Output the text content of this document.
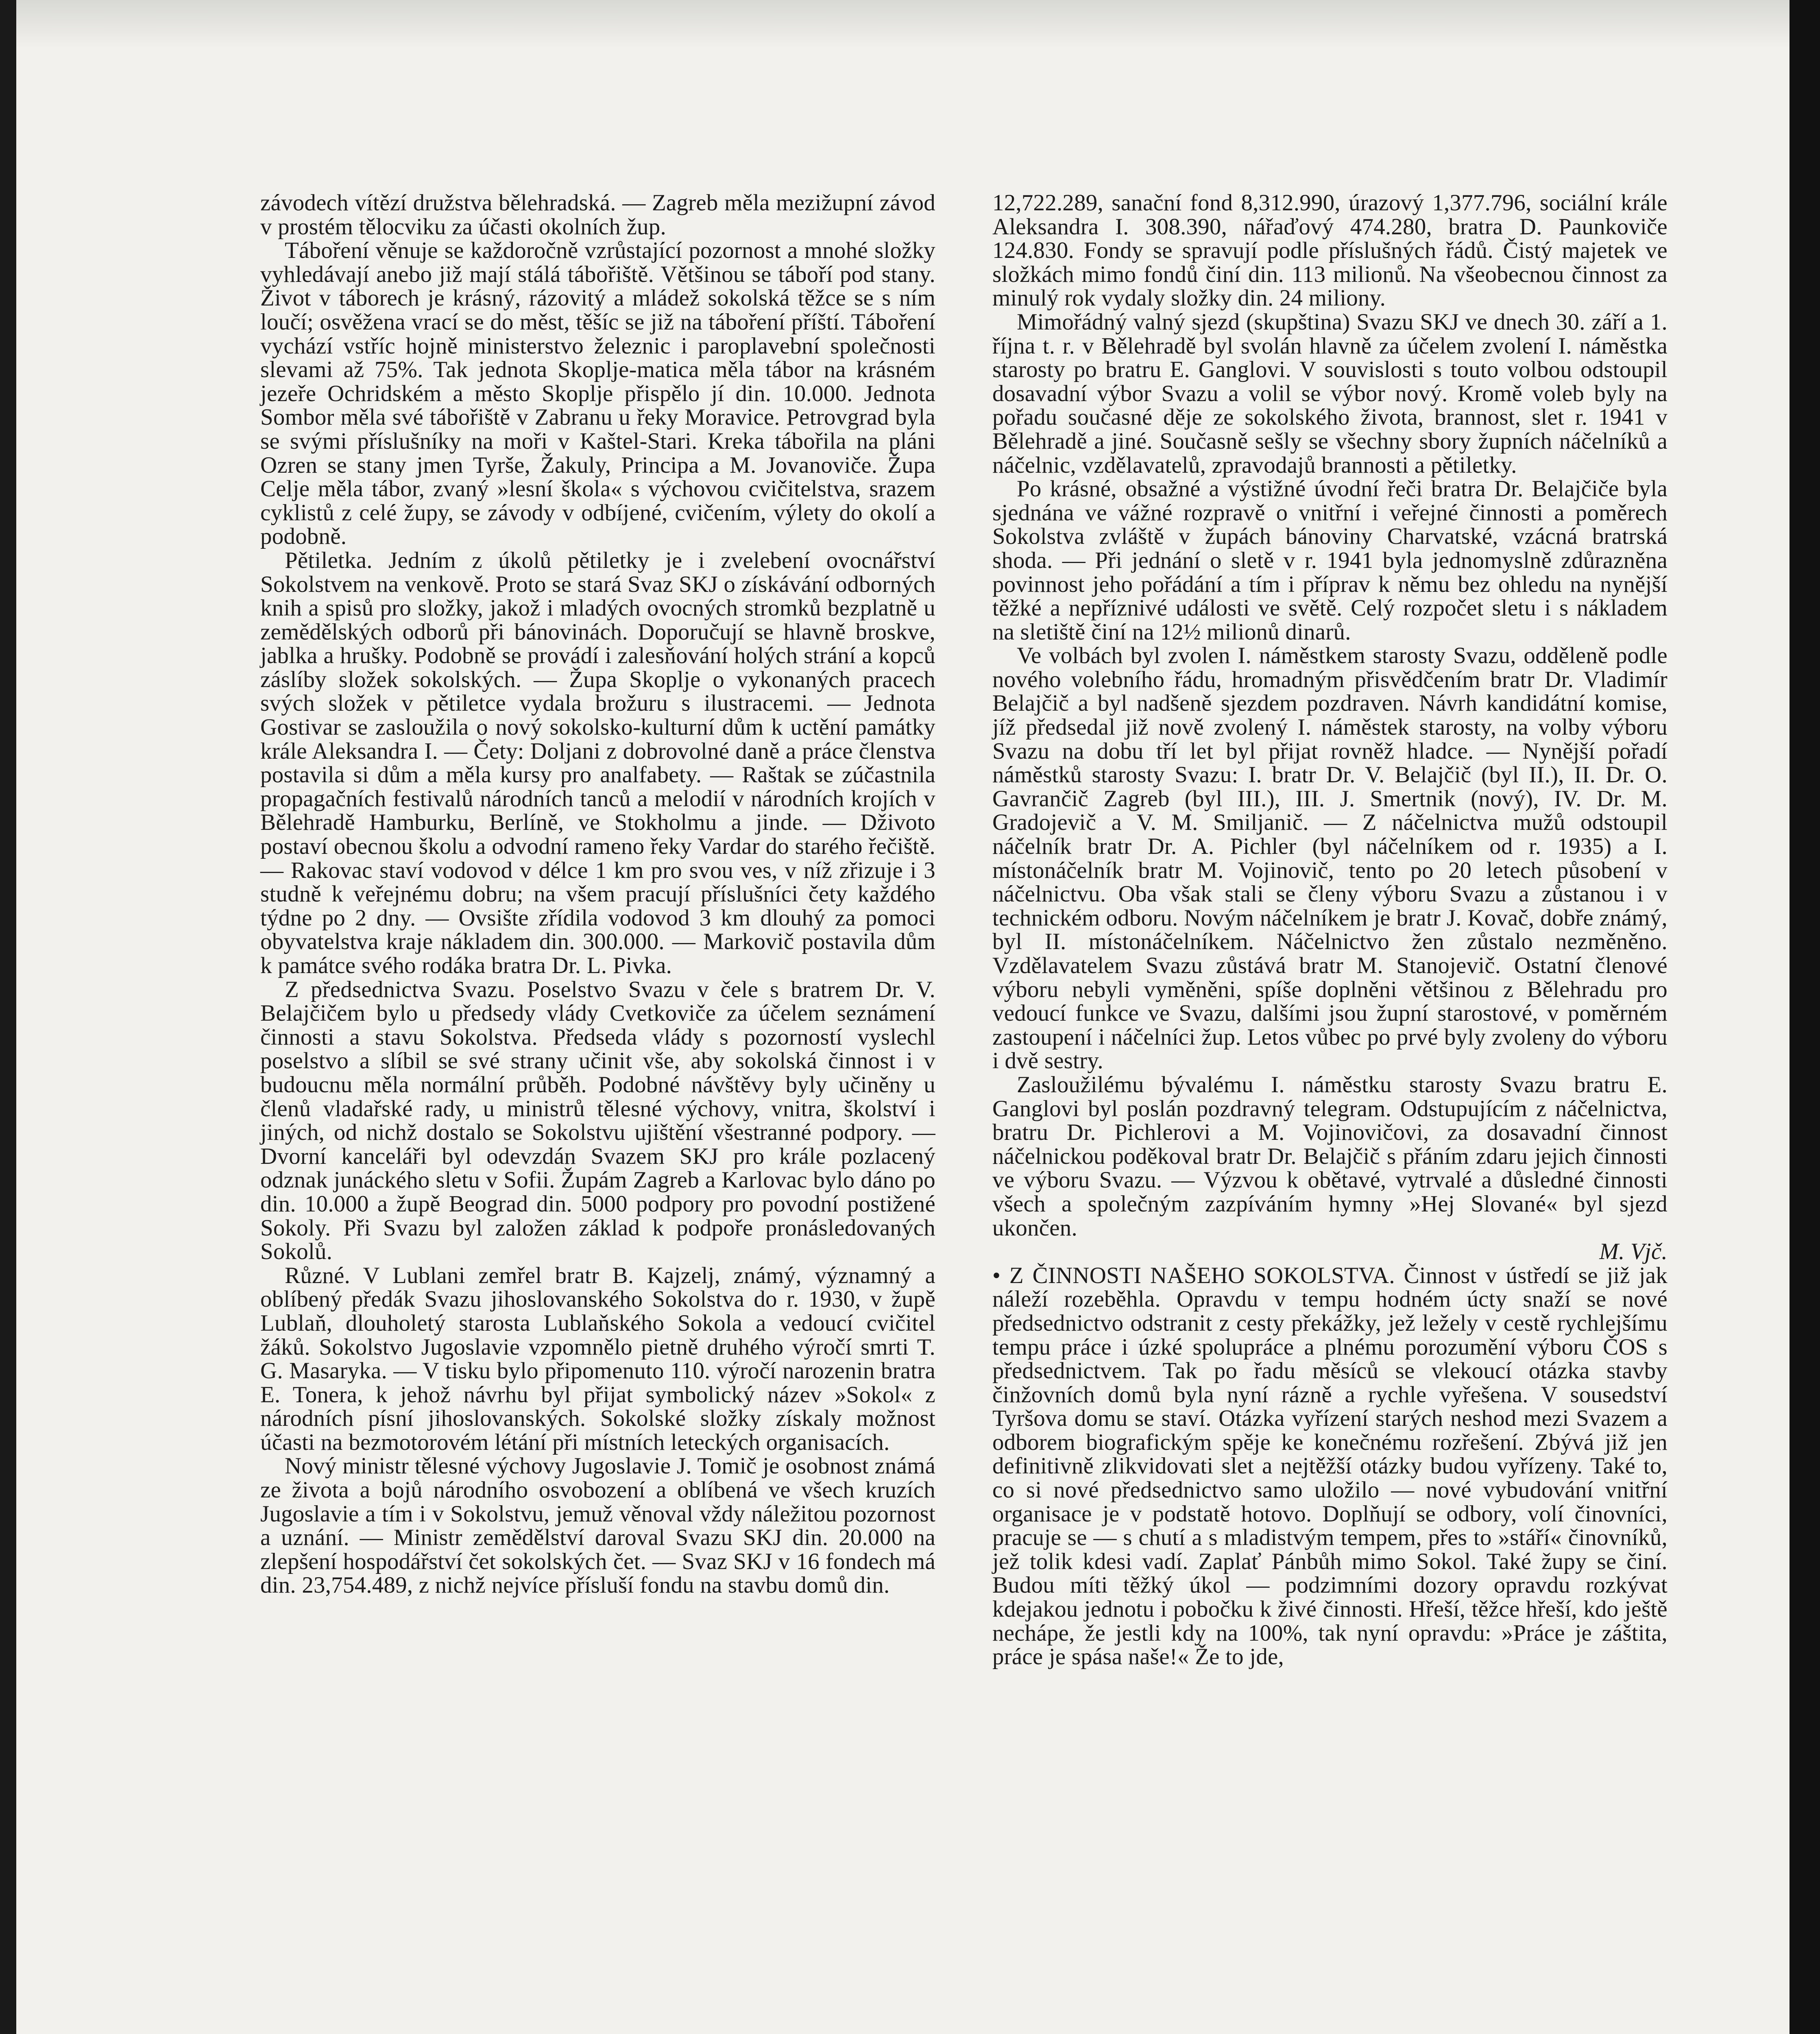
závodech vítězí družstva bělehradská. — Zagreb měla mezižupní závod v prostém tělocviku za účasti okolních žup.

Táboření věnuje se každoročně vzrůstající pozornost a mnohé složky vyhledávají anebo již mají stálá tábořiště. Většinou se táboří pod stany. Život v táborech je krásný, rázovitý a mládež sokolská těžce se s ním loučí; osvěžena vrací se do měst, těšíc se již na táboření příští. Táboření vychází vstříc hojně ministerstvo železnic i paroplavební společnosti slevami až 75%. Tak jednota Skoplje-matica měla tábor na krásném jezeře Ochridském a město Skoplje přispělo jí din. 10.000. Jednota Sombor měla své tábořiště v Zabranu u řeky Moravice. Petrovgrad byla se svými příslušníky na moři v Kaštel-Stari. Kreka tábořila na pláni Ozren se stany jmen Tyrše, Žakuly, Principa a M. Jovanoviče. Župa Celje měla tábor, zvaný »lesní škola« s výchovou cvičitelstva, srazem cyklistů z celé župy, se závody v odbíjené, cvičením, výlety do okolí a podobně.

Pětiletka. Jedním z úkolů pětiletky je i zvelebení ovocnářství Sokolstvem na venkově. Proto se stará Svaz SKJ o získávání odborných knih a spisů pro složky, jakož i mladých ovocných stromků bezplatně u zemědělských odborů při bánovinách. Doporučují se hlavně broskve, jablka a hrušky. Podobně se provádí i zalesňování holých strání a kopců záslíby složek sokolských. — Župa Skoplje o vykonaných pracech svých složek v pětiletce vydala brožuru s ilustracemi. — Jednota Gostivar se zasloužila o nový sokolsko-kulturní dům k uctění památky krále Aleksandra I. — Čety: Doljani z dobrovolné daně a práce členstva postavila si dům a měla kursy pro analfabety. — Raštak se zúčastnila propagačních festivalů národních tanců a melodií v národních krojích v Bělehradě Hamburku, Berlíně, ve Stokholmu a jinde. — Dživoto postaví obecnou školu a odvodní rameno řeky Vardar do starého řečiště. — Rakovac staví vodovod v délce 1 km pro svou ves, v níž zřizuje i 3 studně k veřejnému dobru; na všem pracují příslušníci čety každého týdne po 2 dny. — Ovsište zřídila vodovod 3 km dlouhý za pomoci obyvatelstva kraje nákladem din. 300.000. — Markovič postavila dům k památce svého rodáka bratra Dr. L. Pivka.

Z předsednictva Svazu. Poselstvo Svazu v čele s bratrem Dr. V. Belajčičem bylo u předsedy vlády Cvetkoviče za účelem seznámení činnosti a stavu Sokolstva. Předseda vlády s pozorností vyslechl poselstvo a slíbil se své strany učinit vše, aby sokolská činnost i v budoucnu měla normální průběh. Podobné návštěvy byly učiněny u členů vladařské rady, u ministrů tělesné výchovy, vnitra, školství i jiných, od nichž dostalo se Sokolstvu ujištění všestranné podpory. — Dvorní kanceláři byl odevzdán Svazem SKJ pro krále pozlacený odznak junáckého sletu v Sofii. Župám Zagreb a Karlovac bylo dáno po din. 10.000 a župě Beograd din. 5000 podpory pro povodní postižené Sokoly. Při Svazu byl založen základ k podpoře pronásledovaných Sokolů.

Různé. V Lublani zemřel bratr B. Kajzelj, známý, významný a oblíbený předák Svazu jihoslovanského Sokolstva do r. 1930, v župě Lublaň, dlouholetý starosta Lublaňského Sokola a vedoucí cvičitel žáků. Sokolstvo Jugoslavie vzpomnělo pietně druhého výročí smrti T. G. Masaryka. — V tisku bylo připomenuto 110. výročí narozenin bratra E. Tonera, k jehož návrhu byl přijat symbolický název »Sokol« z národních písní jihoslovanských. Sokolské složky získaly možnost účasti na bezmotorovém létání při místních leteckých organisacích.

Nový ministr tělesné výchovy Jugoslavie J. Tomič je osobnost známá ze života a bojů národního osvobození a oblíbená ve všech kruzích Jugoslavie a tím i v Sokolstvu, jemuž věnoval vždy náležitou pozornost a uznání. — Ministr zemědělství daroval Svazu SKJ din. 20.000 na zlepšení hospodářství čet sokolských čet. — Svaz SKJ v 16 fondech má din. 23,754.489, z nichž nejvíce přísluší fondu na stavbu domů din.

12,722.289, sanační fond 8,312.990, úrazový 1,377.796, sociální krále Aleksandra I. 308.390, nářaďový 474.280, bratra D. Paunkoviče 124.830. Fondy se spravují podle příslušných řádů. Čistý majetek ve složkách mimo fondů činí din. 113 milionů. Na všeobecnou činnost za minulý rok vydaly složky din. 24 miliony.

Mimořádný valný sjezd (skupština) Svazu SKJ ve dnech 30. září a 1. října t. r. v Bělehradě byl svolán hlavně za účelem zvolení I. náměstka starosty po bratru E. Ganglovi. V souvislosti s touto volbou odstoupil dosavadní výbor Svazu a volil se výbor nový. Kromě voleb byly na pořadu současné děje ze sokolského života, brannost, slet r. 1941 v Bělehradě a jiné. Současně sešly se všechny sbory župních náčelníků a náčelnic, vzdělavatelů, zpravodajů brannosti a pětiletky.

Po krásné, obsažné a výstižné úvodní řeči bratra Dr. Belajčiče byla sjednána ve vážné rozpravě o vnitřní i veřejné činnosti a poměrech Sokolstva zvláště v župách bánoviny Charvatské, vzácná bratrská shoda. — Při jednání o sletě v r. 1941 byla jednomyslně zdůrazněna povinnost jeho pořádání a tím i příprav k němu bez ohledu na nynější těžké a nepříznivé události ve světě. Celý rozpočet sletu i s nákladem na sletiště činí na 12½ milionů dinarů.

Ve volbách byl zvolen I. náměstkem starosty Svazu, odděleně podle nového volebního řádu, hromadným přisvědčením bratr Dr. Vladimír Belajčič a byl nadšeně sjezdem pozdraven. Návrh kandidátní komise, jíž předsedal již nově zvolený I. náměstek starosty, na volby výboru Svazu na dobu tří let byl přijat rovněž hladce. — Nynější pořadí náměstků starosty Svazu: I. bratr Dr. V. Belajčič (byl II.), II. Dr. O. Gavrančič Zagreb (byl III.), III. J. Smertnik (nový), IV. Dr. M. Gradojevič a V. M. Smiljanič. — Z náčelnictva mužů odstoupil náčelník bratr Dr. A. Pichler (byl náčelníkem od r. 1935) a I. místonáčelník bratr M. Vojinovič, tento po 20 letech působení v náčelnictvu. Oba však stali se členy výboru Svazu a zůstanou i v technickém odboru. Novým náčelníkem je bratr J. Kovač, dobře známý, byl II. místonáčelníkem. Náčelnictvo žen zůstalo nezměněno. Vzdělavatelem Svazu zůstává bratr M. Stanojevič. Ostatní členové výboru nebyli vyměněni, spíše doplněni většinou z Bělehradu pro vedoucí funkce ve Svazu, dalšími jsou župní starostové, v poměrném zastoupení i náčelníci žup. Letos vůbec po prvé byly zvoleny do výboru i dvě sestry.

Zasloužilému bývalému I. náměstku starosty Svazu bratru E. Ganglovi byl poslán pozdravný telegram. Odstupujícím z náčelnictva, bratru Dr. Pichlerovi a M. Vojinovičovi, za dosavadní činnost náčelnickou poděkoval bratr Dr. Belajčič s přáním zdaru jejich činnosti ve výboru Svazu. — Výzvou k obětavé, vytrvalé a důsledné činnosti všech a společným zazpíváním hymny »Hej Slované« byl sjezd ukončen.

M. Vjč.

• Z ČINNOSTI NAŠEHO SOKOLSTVA. Činnost v ústředí se již jak náleží rozeběhla. Opravdu v tempu hodném úcty snaží se nové předsednictvo odstranit z cesty překážky, jež ležely v cestě rychlejšímu tempu práce i úzké spolupráce a plnému porozumění výboru ČOS s předsednictvem. Tak po řadu měsíců se vlekoucí otázka stavby činžovních domů byla nyní rázně a rychle vyřešena. V sousedství Tyršova domu se staví. Otázka vyřízení starých neshod mezi Svazem a odborem biografickým spěje ke konečnému rozřešení. Zbývá již jen definitivně zlikvidovati slet a nejtěžší otázky budou vyřízeny. Také to, co si nové předsednictvo samo uložilo — nové vybudování vnitřní organisace je v podstatě hotovo. Doplňují se odbory, volí činovníci, pracuje se — s chutí a s mladistvým tempem, přes to »stáří« činovníků, jež tolik kdesi vadí. Zaplať Pánbůh mimo Sokol. Také župy se činí. Budou míti těžký úkol — podzimními dozory opravdu rozkývat kdejakou jednotu i pobočku k živé činnosti. Hřeší, těžce hřeší, kdo ještě nechápe, že jestli kdy na 100%, tak nyní opravdu: »Práce je záštita, práce je spása naše!« Že to jde,
